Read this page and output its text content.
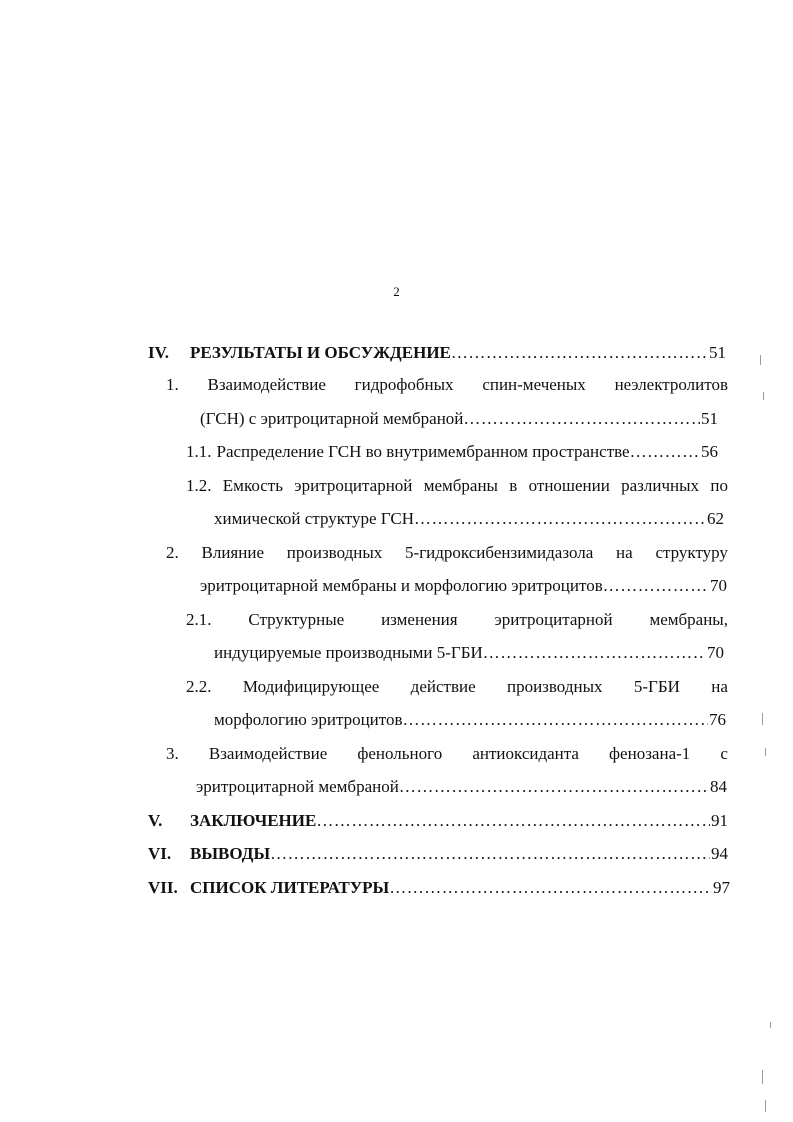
2
IV.	РЕЗУЛЬТАТЫ И ОБСУЖДЕНИЕ ………………………………………………………………………………………………………………………………………………………………………………	51
1. Взаимодействие гидрофобных спин-меченых неэлектролитов
(ГСН) с эритроцитарной мембраной ………………………………………………………………………………………………………………………………………………………………………………	51
1.1. Распределение ГСН во внутримембранном пространстве ………………………………………………………………………………………………………………………………………………………………………………	56
1.2. Емкость эритроцитарной мембраны в отношении различных по
химической структуре ГСН ………………………………………………………………………………………………………………………………………………………………………………	62
2. Влияние производных 5-гидроксибензимидазола на структуру
эритроцитарной мембраны и морфологию эритроцитов ………………………………………………………………………………………………………………………………………………………………………………	70
2.1. Структурные изменения эритроцитарной мембраны,
индуцируемые производными 5-ГБИ ………………………………………………………………………………………………………………………………………………………………………………	70
2.2. Модифицирующее действие производных 5-ГБИ на
морфологию эритроцитов ………………………………………………………………………………………………………………………………………………………………………………	76
3. Взаимодействие фенольного антиоксиданта фенозана-1 с
эритроцитарной мембраной ………………………………………………………………………………………………………………………………………………………………………………	84
V.	ЗАКЛЮЧЕНИЕ ………………………………………………………………………………………………………………………………………………………………………………	91
VI.	ВЫВОДЫ ………………………………………………………………………………………………………………………………………………………………………………	94
VII. СПИСОК ЛИТЕРАТУРЫ ………………………………………………………………………………………………………………………………………………………………………………	97
